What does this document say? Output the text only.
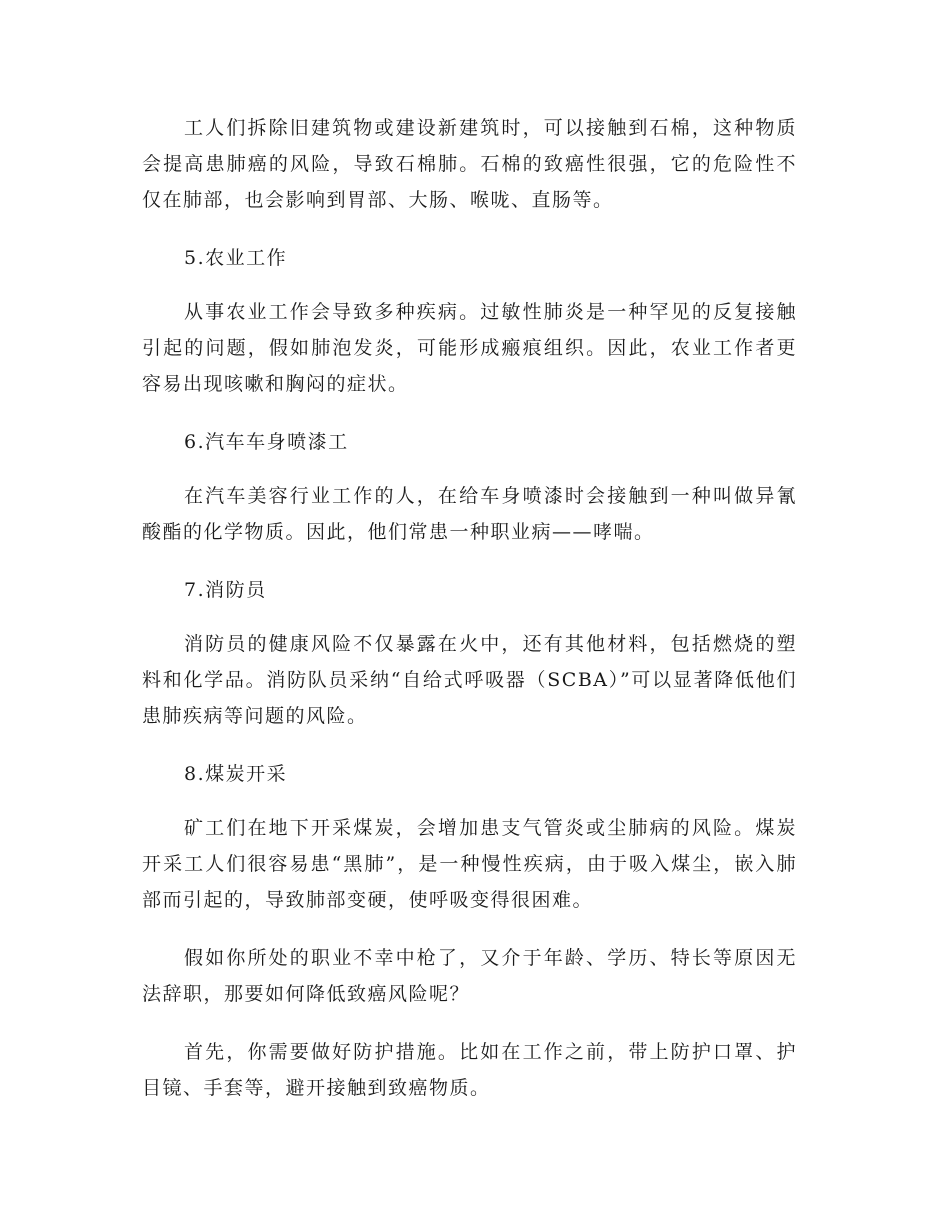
工人们拆除旧建筑物或建设新建筑时，可以接触到石棉，这种物质会提高患肺癌的风险，导致石棉肺。石棉的致癌性很强，它的危险性不仅在肺部，也会影响到胃部、大肠、喉咙、直肠等。

5.农业工作

从事农业工作会导致多种疾病。过敏性肺炎是一种罕见的反复接触引起的问题，假如肺泡发炎，可能形成瘢痕组织。因此，农业工作者更容易出现咳嗽和胸闷的症状。

6.汽车车身喷漆工

在汽车美容行业工作的人，在给车身喷漆时会接触到一种叫做异氰酸酯的化学物质。因此，他们常患一种职业病——哮喘。

7.消防员

消防员的健康风险不仅暴露在火中，还有其他材料，包括燃烧的塑料和化学品。消防队员采纳“自给式呼吸器（SCBA）”可以显著降低他们患肺疾病等问题的风险。

8.煤炭开采

矿工们在地下开采煤炭，会增加患支气管炎或尘肺病的风险。煤炭开采工人们很容易患“黑肺”，是一种慢性疾病，由于吸入煤尘，嵌入肺部而引起的，导致肺部变硬，使呼吸变得很困难。

假如你所处的职业不幸中枪了，又介于年龄、学历、特长等原因无法辞职，那要如何降低致癌风险呢？

首先，你需要做好防护措施。比如在工作之前，带上防护口罩、护目镜、手套等，避开接触到致癌物质。
